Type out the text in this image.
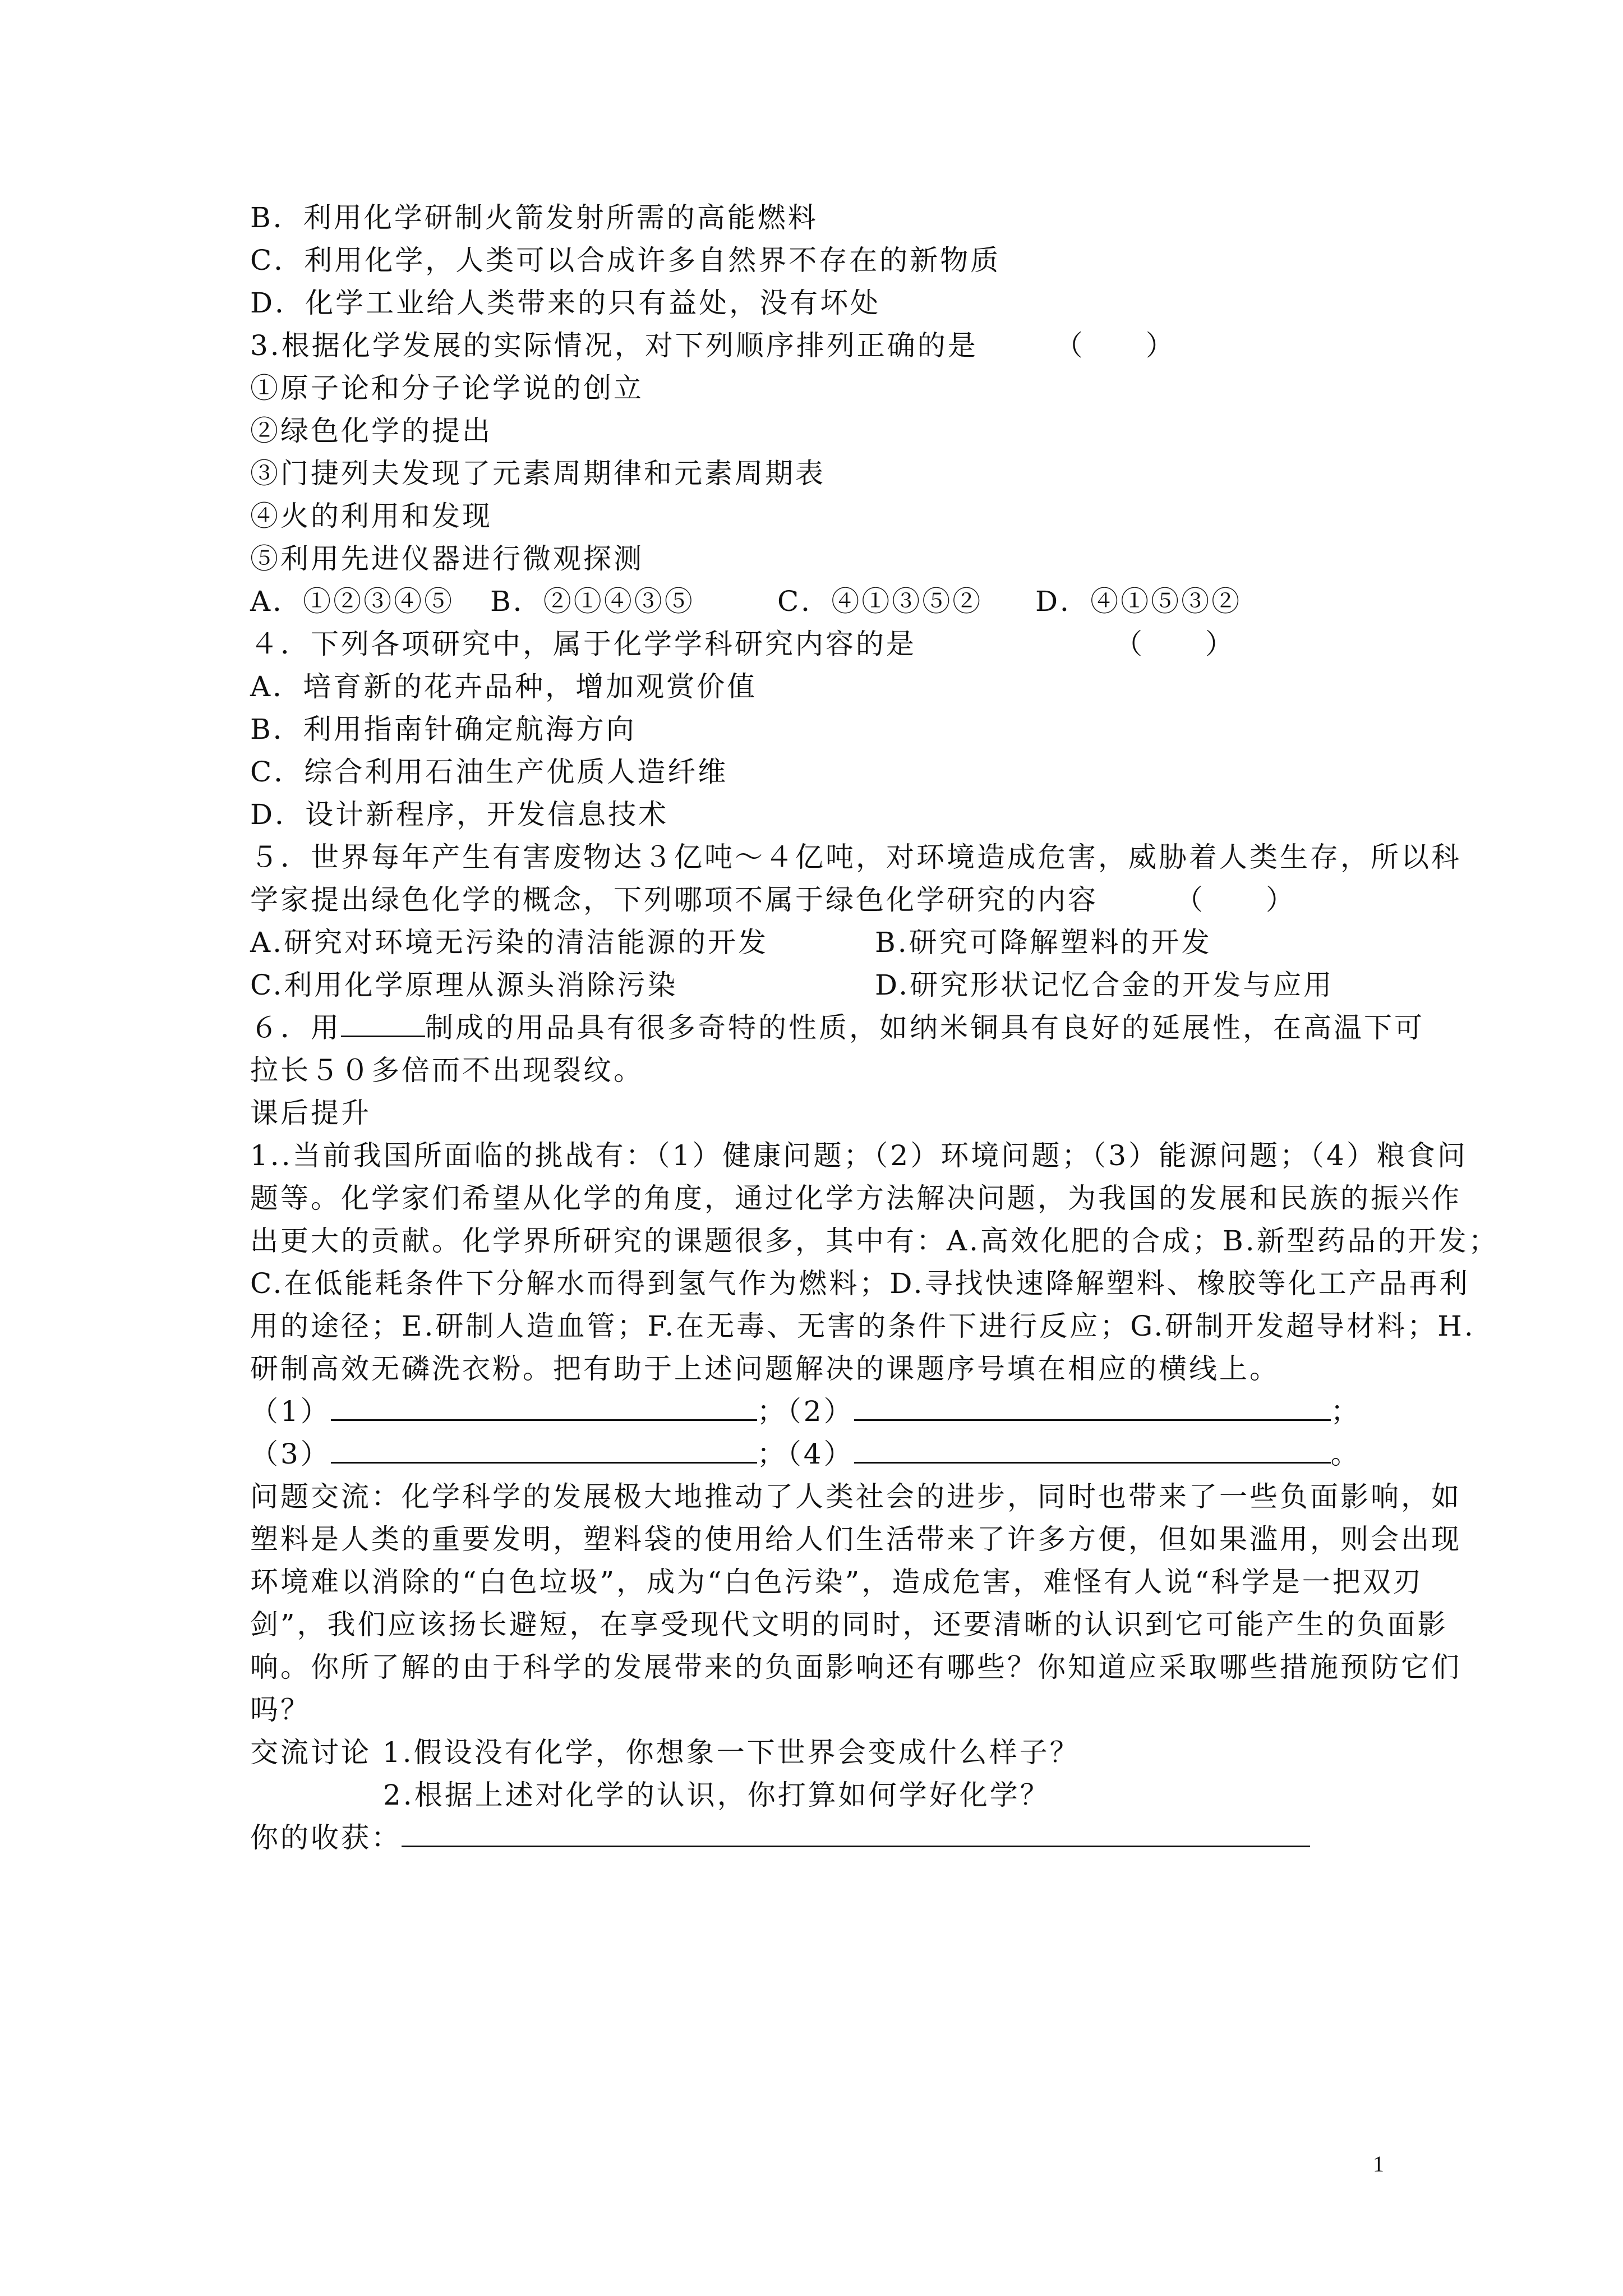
B．利用化学研制火箭发射所需的高能燃料
C．利用化学，人类可以合成许多自然界不存在的新物质
D．化学工业给人类带来的只有益处，没有坏处
3.根据化学发展的实际情况，对下列顺序排列正确的是　　　（　　）
①原子论和分子论学说的创立
②绿色化学的提出
③门捷列夫发现了元素周期律和元素周期表
④火的利用和发现
⑤利用先进仪器进行微观探测
A．①②③④⑤ B．②①④③⑤	C．④①③⑤② D．④①⑤③②
４．下列各项研究中，属于化学学科研究内容的是　　　　　　　（　　）
A．培育新的花卉品种，增加观赏价值
B．利用指南针确定航海方向
C．综合利用石油生产优质人造纤维
D．设计新程序，开发信息技术
５．世界每年产生有害废物达３亿吨～４亿吨，对环境造成危害，威胁着人类生存，所以科
学家提出绿色化学的概念，下列哪项不属于绿色化学研究的内容　　　（　　）
A.研究对环境无污染的清洁能源的开发	B.研究可降解塑料的开发
C.利用化学原理从源头消除污染	D.研究形状记忆合金的开发与应用
６．用	制成的用品具有很多奇特的性质，如纳米铜具有良好的延展性，在高温下可
拉长５０多倍而不出现裂纹。
课后提升
1..当前我国所面临的挑战有：（1）健康问题；（2）环境问题；（3）能源问题；（4）粮食问
题等。化学家们希望从化学的角度，通过化学方法解决问题，为我国的发展和民族的振兴作
出更大的贡献。化学界所研究的课题很多，其中有：A.高效化肥的合成；B.新型药品的开发；
C.在低能耗条件下分解水而得到氢气作为燃料；D.寻找快速降解塑料、橡胶等化工产品再利
用的途径；E.研制人造血管；F.在无毒、无害的条件下进行反应；G.研制开发超导材料；H.
研制高效无磷洗衣粉。把有助于上述问题解决的课题序号填在相应的横线上。
（1）	；（2）	；
（3）	；（4）	。
问题交流：化学科学的发展极大地推动了人类社会的进步，同时也带来了一些负面影响，如
塑料是人类的重要发明，塑料袋的使用给人们生活带来了许多方便，但如果滥用，则会出现
环境难以消除的“白色垃圾”，成为“白色污染”，造成危害，难怪有人说“科学是一把双刃
剑”，我们应该扬长避短，在享受现代文明的同时，还要清晰的认识到它可能产生的负面影
响。你所了解的由于科学的发展带来的负面影响还有哪些？你知道应采取哪些措施预防它们
吗？
交流讨论 1.假设没有化学，你想象一下世界会变成什么样子？
2.根据上述对化学的认识，你打算如何学好化学？
你的收获：
1
